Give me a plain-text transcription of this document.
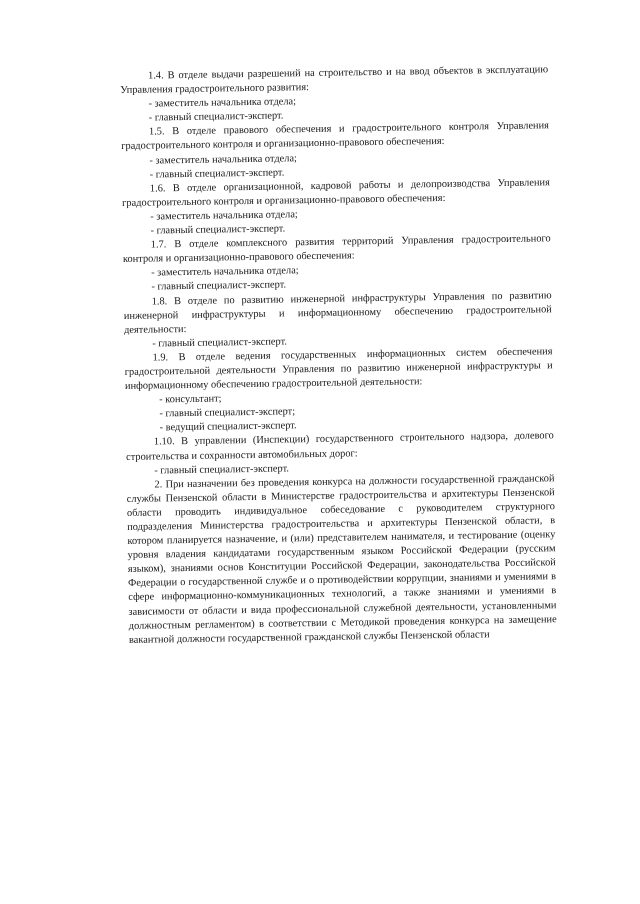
1.4. В отделе выдачи разрешений на строительство и на ввод объектов в эксплуатацию Управления градостроительного развития:

- заместитель начальника отдела;

- главный специалист-эксперт.

1.5. В отделе правового обеспечения и градостроительного контроля Управления градостроительного контроля и организационно-правового обеспечения:

- заместитель начальника отдела;

- главный специалист-эксперт.

1.6. В отделе организационной, кадровой работы и делопроизводства Управления градостроительного контроля и организационно-правового обеспечения:

- заместитель начальника отдела;

- главный специалист-эксперт.

1.7. В отделе комплексного развития территорий Управления градостроительного контроля и организационно-правового обеспечения:

- заместитель начальника отдела;

- главный специалист-эксперт.

1.8. В отделе по развитию инженерной инфраструктуры Управления по развитию инженерной инфраструктуры и информационному обеспечению градостроительной деятельности:

- главный специалист-эксперт.

1.9. В отделе ведения государственных информационных систем обеспечения градостроительной деятельности Управления по развитию инженерной инфраструктуры и информационному обеспечению градостроительной деятельности:

- консультант;

- главный специалист-эксперт;

- ведущий специалист-эксперт.

1.10. В управлении (Инспекции) государственного строительного надзора, долевого строительства и сохранности автомобильных дорог:

- главный специалист-эксперт.

2. При назначении без проведения конкурса на должности государственной гражданской службы Пензенской области в Министерстве градостроительства и архитектуры Пензенской области проводить индивидуальное собеседование с руководителем структурного подразделения Министерства градостроительства и архитектуры Пензенской области, в котором планируется назначение, и (или) представителем нанимателя, и тестирование (оценку уровня владения кандидатами государственным языком Российской Федерации (русским языком), знаниями основ Конституции Российской Федерации, законодательства Российской Федерации о государственной службе и о противодействии коррупции, знаниями и умениями в сфере информационно-коммуникационных технологий, а также знаниями и умениями в зависимости от области и вида профессиональной служебной деятельности, установленными должностным регламентом) в соответствии с Методикой проведения конкурса на замещение вакантной должности государственной гражданской службы Пензенской области
